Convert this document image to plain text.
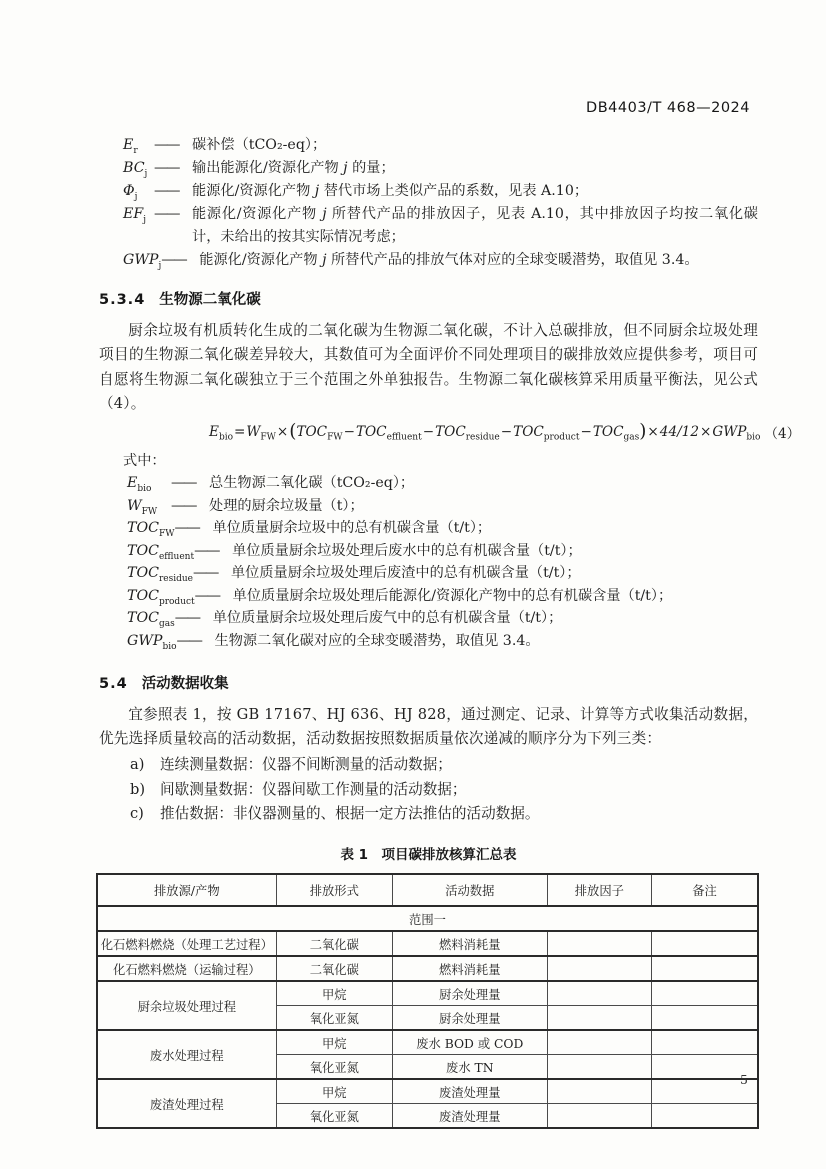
DB4403/T 468—2024
$E_r$	—— 碳补偿（tCO₂-eq）；
$BC_j$ —— 输出能源化/资源化产物 j 的量；
$\Phi_j$	—— 能源化/资源化产物 j 替代市场上类似产品的系数，见表 A.10；
$EF_j$ —— 能源化/资源化产物 j 所替代产品的排放因子，见表 A.10，其中排放因子均按二氧化碳计，未给出的按其实际情况考虑；
$GWP_j$ —— 能源化/资源化产物 j 所替代产品的排放气体对应的全球变暖潜势，取值见 3.4。
5.3.4 生物源二氧化碳

厨余垃圾有机质转化生成的二氧化碳为生物源二氧化碳，不计入总碳排放，但不同厨余垃圾处理项目的生物源二氧化碳差异较大，其数值可为全面评价不同处理项目的碳排放效应提供参考，项目可自愿将生物源二氧化碳独立于三个范围之外单独报告。生物源二氧化碳核算采用质量平衡法，见公式（4）。

$E_{bio}=W_{FW}\times(TOC_{FW}-TOC_{effluent}-TOC_{residue}-TOC_{product}-TOC_{gas})\times 44/12\times GWP_{bio}$ （4）
式中：
$E_{bio}$	—— 总生物源二氧化碳（tCO₂-eq）；
$W_{FW}$ —— 处理的厨余垃圾量（t）；
$TOC_{FW}$ —— 单位质量厨余垃圾中的总有机碳含量（t/t）；
$TOC_{effluent}$ —— 单位质量厨余垃圾处理后废水中的总有机碳含量（t/t）；
$TOC_{residue}$ —— 单位质量厨余垃圾处理后废渣中的总有机碳含量（t/t）；
$TOC_{product}$ —— 单位质量厨余垃圾处理后能源化/资源化产物中的总有机碳含量（t/t）；
$TOC_{gas}$ —— 单位质量厨余垃圾处理后废气中的总有机碳含量（t/t）；
$GWP_{bio}$ —— 生物源二氧化碳对应的全球变暖潜势，取值见 3.4。
5.4 活动数据收集

宜参照表 1，按 GB 17167、HJ 636、HJ 828，通过测定、记录、计算等方式收集活动数据，优先选择质量较高的活动数据，活动数据按照数据质量依次递减的顺序分为下列三类：

a)	连续测量数据：仪器不间断测量的活动数据；
b)	间歇测量数据：仪器间歇工作测量的活动数据；
c)	推估数据：非仪器测量的、根据一定方法推估的活动数据。
表 1　项目碳排放核算汇总表
排放源/产物	排放形式	活动数据	排放因子	备注
范围一				
化石燃料燃烧（处理工艺过程）	二氧化碳	燃料消耗量		
化石燃料燃烧（运输过程）	二氧化碳	燃料消耗量		
厨余垃圾处理过程	甲烷	厨余处理量		
	氧化亚氮	厨余处理量		
废水处理过程	甲烷	废水 BOD 或 COD		
	氧化亚氮	废水 TN		
废渣处理过程	甲烷	废渣处理量		
	氧化亚氮	废渣处理量		
5
